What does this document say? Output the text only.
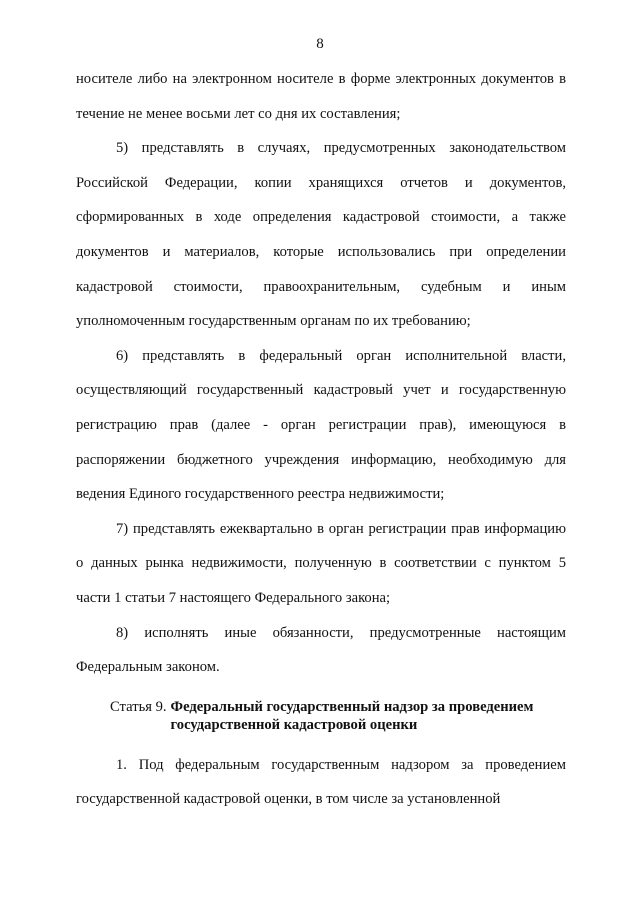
8

носителе либо на электронном носителе в форме электронных документов в течение не менее восьми лет со дня их составления;

5) представлять в случаях, предусмотренных законодательством Российской Федерации, копии хранящихся отчетов и документов, сформированных в ходе определения кадастровой стоимости, а также документов и материалов, которые использовались при определении кадастровой стоимости, правоохранительным, судебным и иным уполномоченным государственным органам по их требованию;

6) представлять в федеральный орган исполнительной власти, осуществляющий государственный кадастровый учет и государственную регистрацию прав (далее - орган регистрации прав), имеющуюся в распоряжении бюджетного учреждения информацию, необходимую для ведения Единого государственного реестра недвижимости;

7) представлять ежеквартально в орган регистрации прав информацию о данных рынка недвижимости, полученную в соответствии с пунктом 5 части 1 статьи 7 настоящего Федерального закона;

8) исполнять иные обязанности, предусмотренные настоящим Федеральным законом.

Статья 9. Федеральный государственный надзор за проведением государственной кадастровой оценки

1. Под федеральным государственным надзором за проведением государственной кадастровой оценки, в том числе за установленной
